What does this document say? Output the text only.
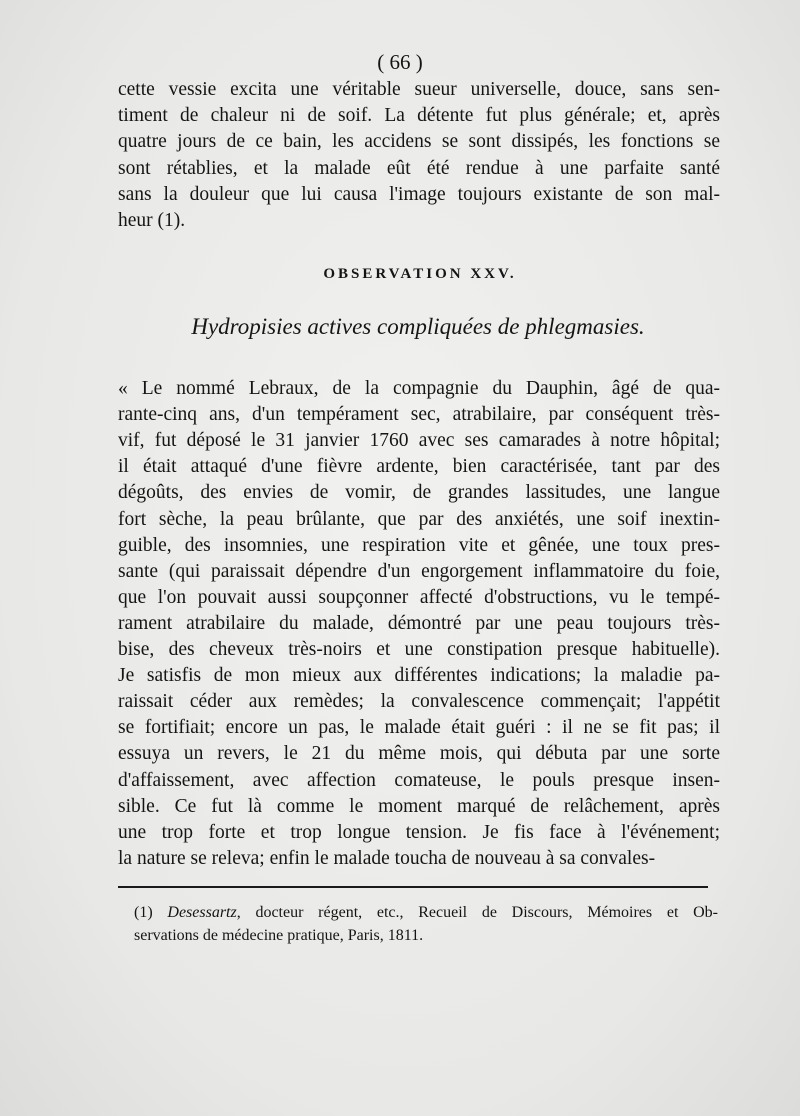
( 66 )
cette vessie excita une véritable sueur universelle, douce, sans sen-
timent de chaleur ni de soif. La détente fut plus générale; et, après
quatre jours de ce bain, les accidens se sont dissipés, les fonctions se
sont rétablies, et la malade eût été rendue à une parfaite santé
sans la douleur que lui causa l'image toujours existante de son mal-
heur (1).
OBSERVATION XXV.
Hydropisies actives compliquées de phlegmasies.
« Le nommé Lebraux, de la compagnie du Dauphin, âgé de qua-
rante-cinq ans, d'un tempérament sec, atrabilaire, par conséquent très-
vif, fut déposé le 31 janvier 1760 avec ses camarades à notre hôpital;
il était attaqué d'une fièvre ardente, bien caractérisée, tant par des
dégoûts, des envies de vomir, de grandes lassitudes, une langue
fort sèche, la peau brûlante, que par des anxiétés, une soif inextin-
guible, des insomnies, une respiration vite et gênée, une toux pres-
sante (qui paraissait dépendre d'un engorgement inflammatoire du foie,
que l'on pouvait aussi soupçonner affecté d'obstructions, vu le tempé-
rament atrabilaire du malade, démontré par une peau toujours très-
bise, des cheveux très-noirs et une constipation presque habituelle).
Je satisfis de mon mieux aux différentes indications; la maladie pa-
raissait céder aux remèdes; la convalescence commençait; l'appétit
se fortifiait; encore un pas, le malade était guéri : il ne se fit pas; il
essuya un revers, le 21 du même mois, qui débuta par une sorte
d'affaissement, avec affection comateuse, le pouls presque insen-
sible. Ce fut là comme le moment marqué de relâchement, après
une trop forte et trop longue tension. Je fis face à l'événement;
la nature se releva; enfin le malade toucha de nouveau à sa convales-
(1) Desessartz, docteur régent, etc., Recueil de Discours, Mémoires et Ob-
servations de médecine pratique, Paris, 1811.
